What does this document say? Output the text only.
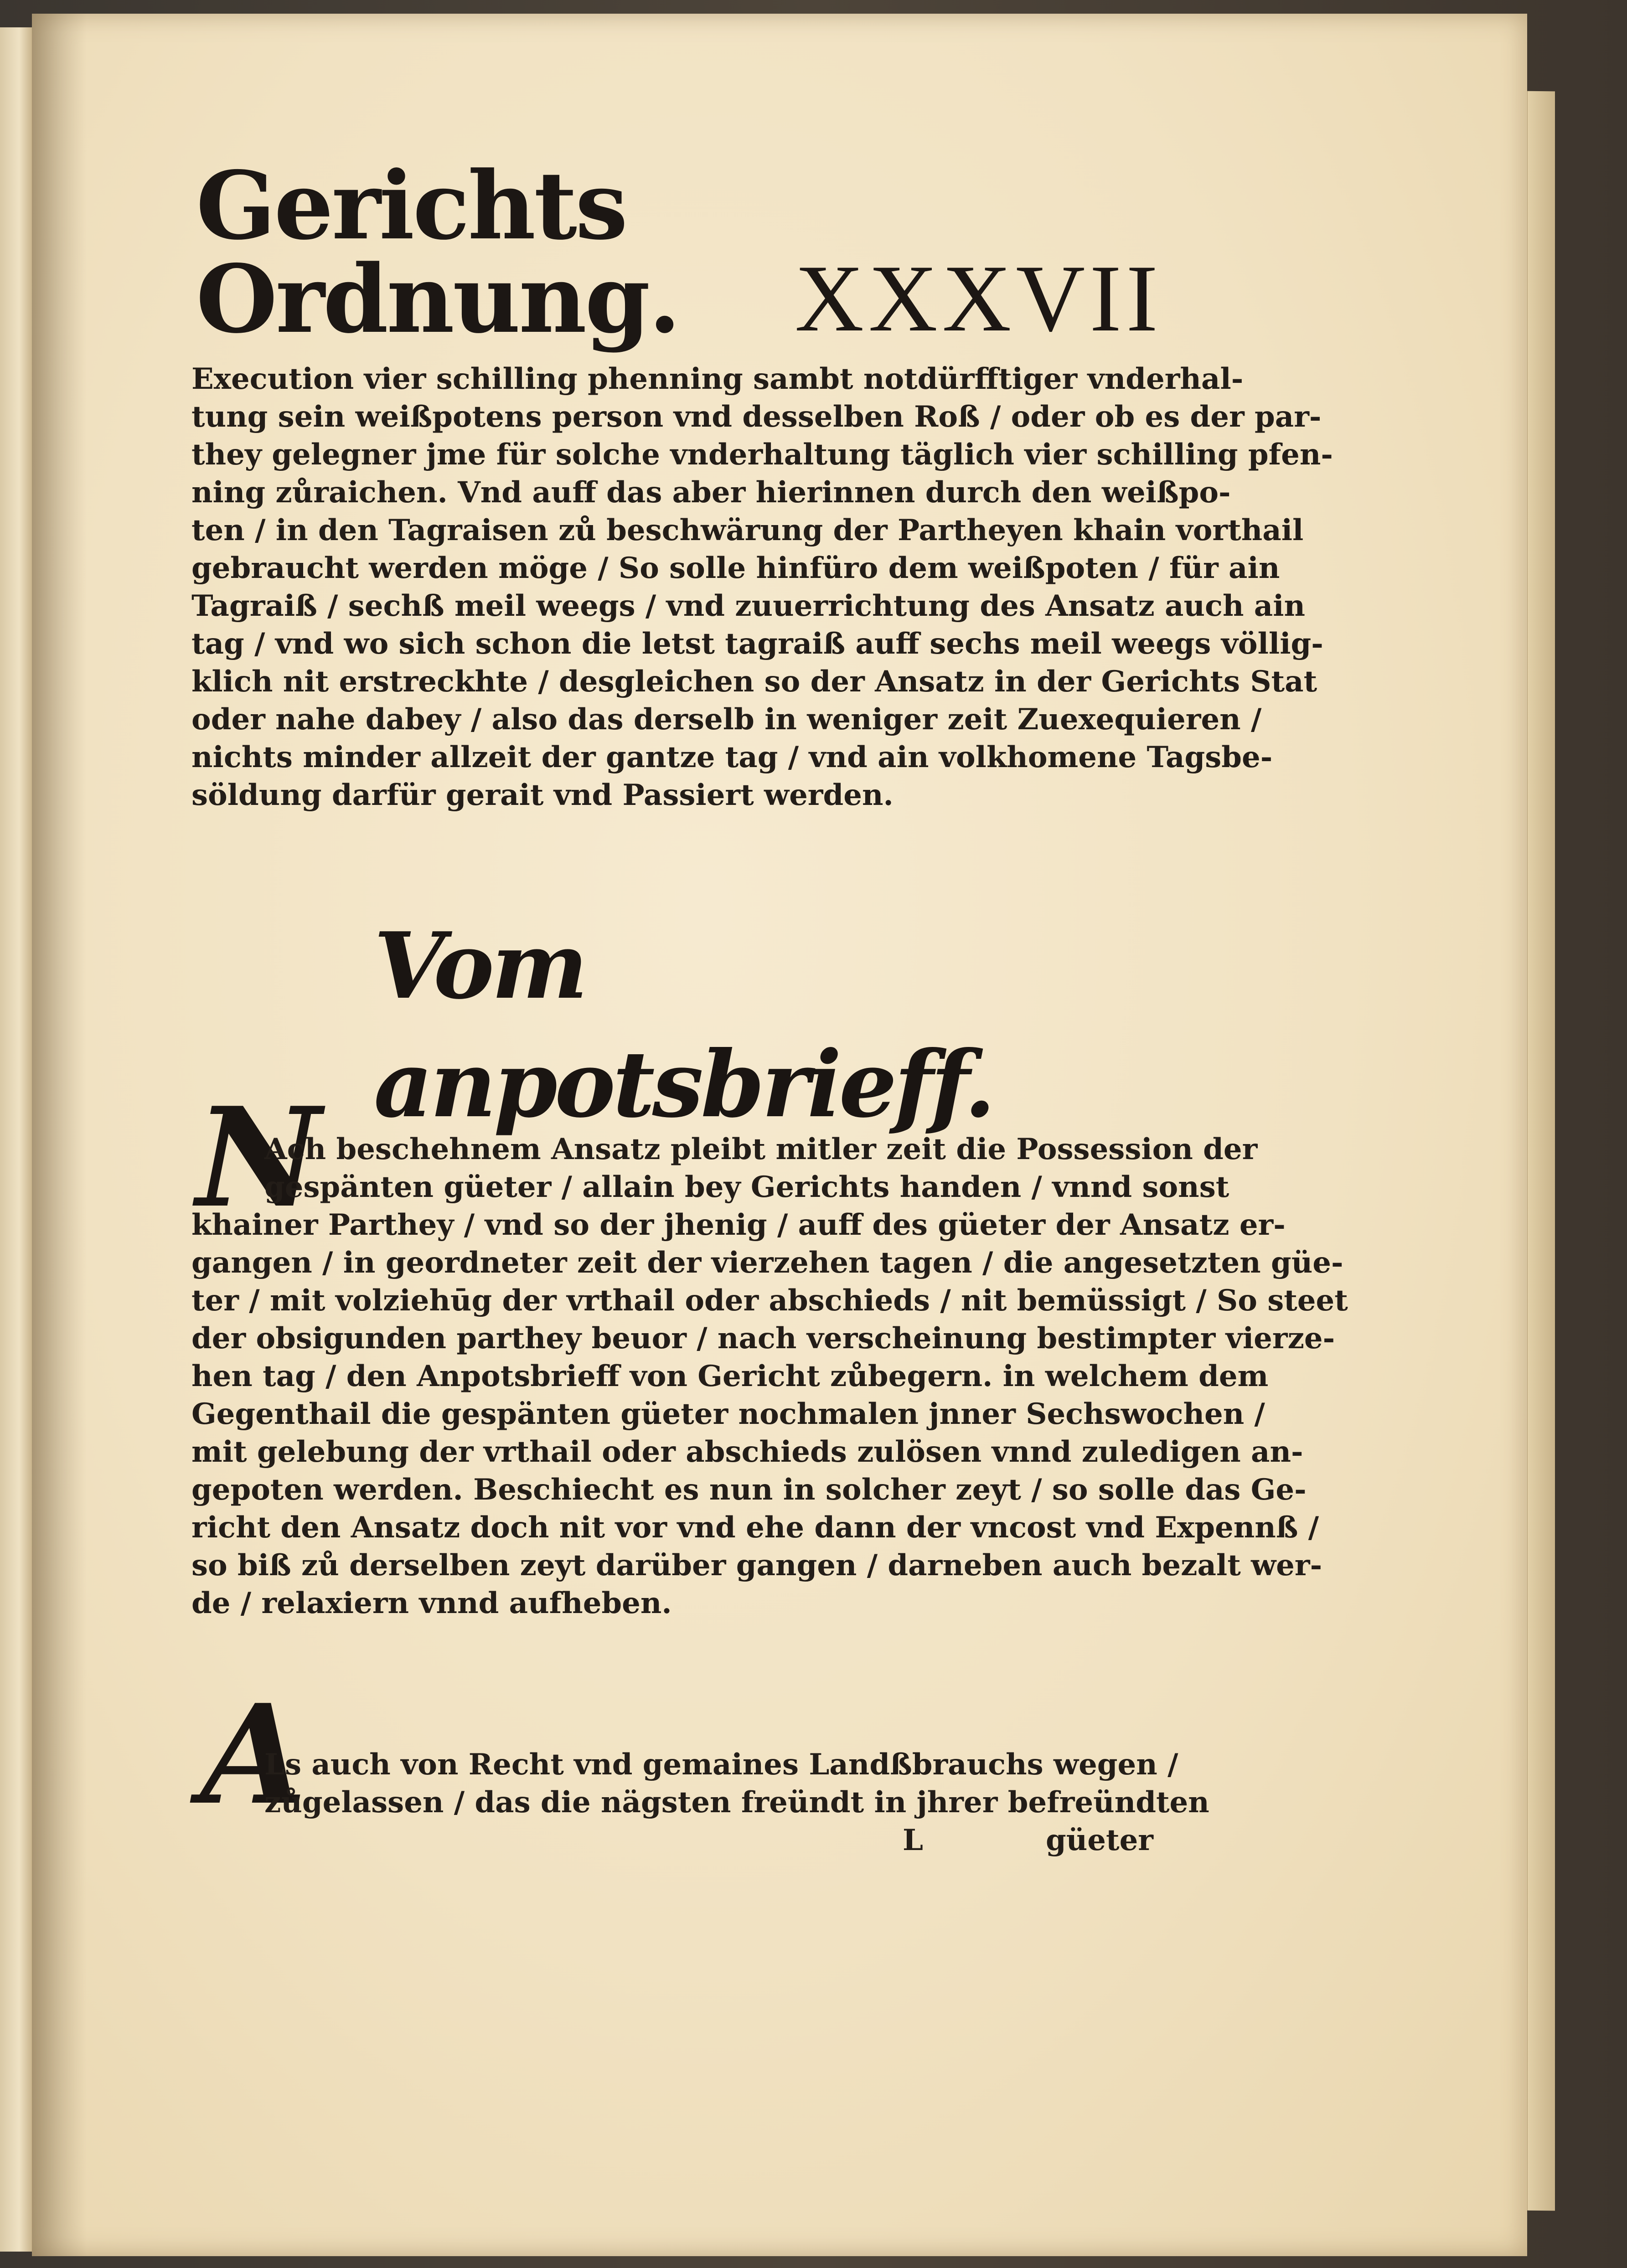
Gerichts Ordnung.	XXXVII
Execution vier schilling phenning sambt notdürfftiger vnderhal-
tung sein weißpotens person vnd desselben Roß / oder ob es der par-
they gelegner jme für solche vnderhaltung täglich vier schilling pfen-
ning zůraichen. Vnd auff das aber hierinnen durch den weißpo-
ten / in den Tagraisen zů beschwärung der Partheyen khain vorthail
gebraucht werden möge / So solle hinfüro dem weißpoten / für ain
Tagraiß / sechß meil weegs / vnd zuuerrichtung des Ansatz auch ain
tag / vnd wo sich schon die letst tagraiß auff sechs meil weegs völlig-
klich nit erstreckhte / desgleichen so der Ansatz in der Gerichts Stat
oder nahe dabey / also das derselb in weniger zeit Zuexequieren /
nichts minder allzeit der gantze tag / vnd ain volkhomene Tagsbe-
söldung darfür gerait vnd Passiert werden.
Vom anpotsbrieff.
N
Ach beschehnem Ansatz pleibt mitler zeit die Possession der
gespänten güeter / allain bey Gerichts handen / vnnd sonst
khainer Parthey / vnd so der jhenig / auff des güeter der Ansatz er-
gangen / in geordneter zeit der vierzehen tagen / die angesetzten güe-
ter / mit volziehūg der vrthail oder abschieds / nit bemüssigt / So steet
der obsigunden parthey beuor / nach verscheinung bestimpter vierze-
hen tag / den Anpotsbrieff von Gericht zůbegern. in welchem dem
Gegenthail die gespänten güeter nochmalen jnner Sechswochen /
mit gelebung der vrthail oder abschieds zulösen vnnd zuledigen an-
gepoten werden. Beschiecht es nun in solcher zeyt / so solle das Ge-
richt den Ansatz doch nit vor vnd ehe dann der vncost vnd Expennß /
so biß zů derselben zeyt darüber gangen / darneben auch bezalt wer-
de / relaxiern vnnd aufheben.
A
Ls auch von Recht vnd gemaines Landßbrauchs wegen /
zůgelassen / das die nägsten freündt in jhrer befreündten
L	güeter
